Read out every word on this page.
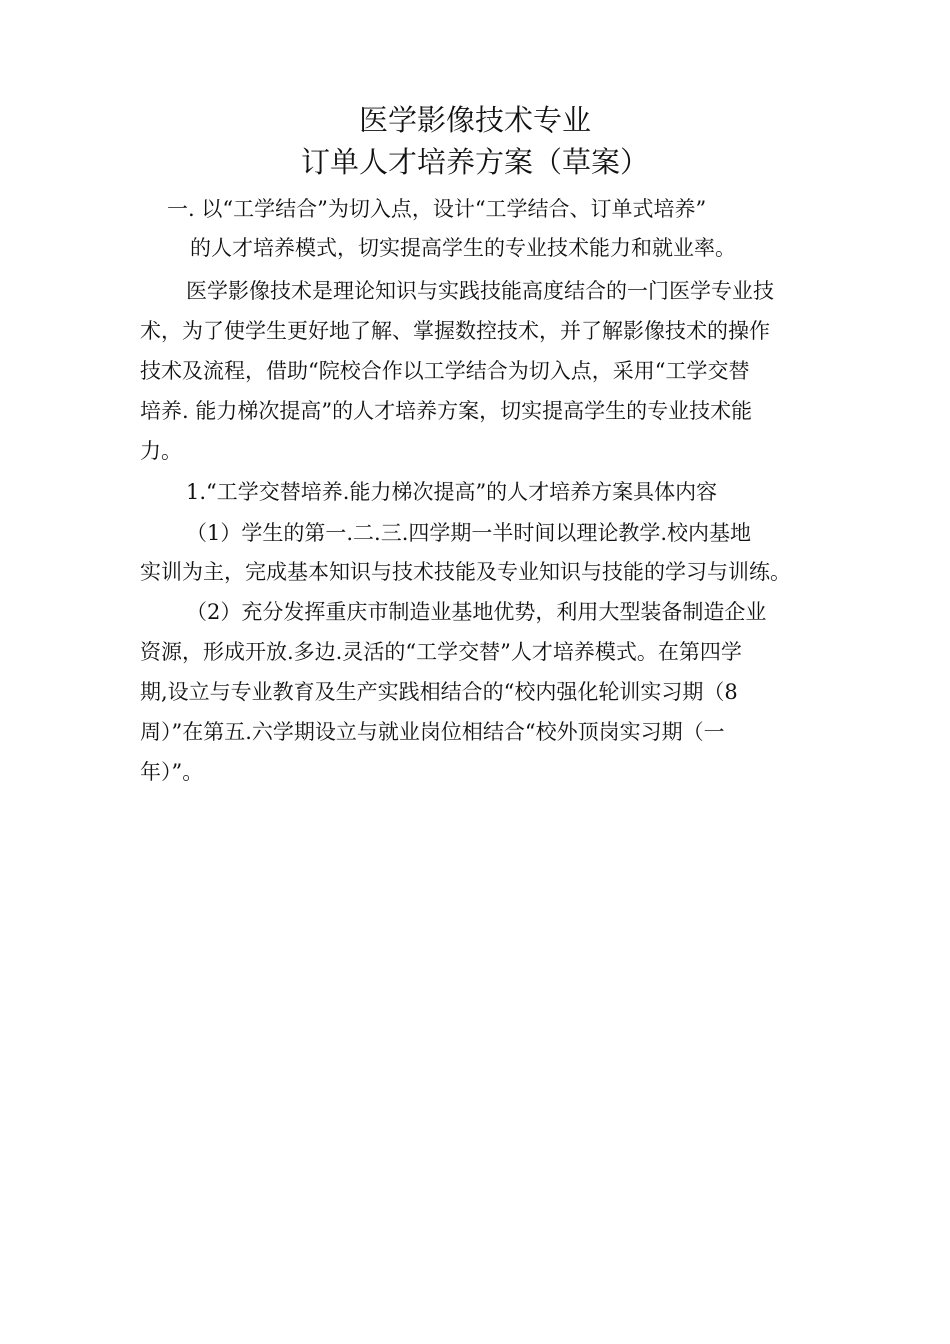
医学影像技术专业
订单人才培养方案（草案）
一. 以“工学结合”为切入点，设计“工学结合、订单式培养”
的人才培养模式，切实提高学生的专业技术能力和就业率。
医学影像技术是理论知识与实践技能高度结合的一门医学专业技
术，为了使学生更好地了解、掌握数控技术，并了解影像技术的操作
技术及流程，借助“院校合作以工学结合为切入点，采用“工学交替
培养. 能力梯次提高”的人才培养方案，切实提高学生的专业技术能
力。
1.“工学交替培养.能力梯次提高”的人才培养方案具体内容
（1）学生的第一.二.三.四学期一半时间以理论教学.校内基地
实训为主，完成基本知识与技术技能及专业知识与技能的学习与训练。
（2）充分发挥重庆市制造业基地优势，利用大型装备制造企业
资源，形成开放.多边.灵活的“工学交替”人才培养模式。在第四学
期,设立与专业教育及生产实践相结合的“校内强化轮训实习期（8
周）”在第五.六学期设立与就业岗位相结合“校外顶岗实习期（一
年）”。
